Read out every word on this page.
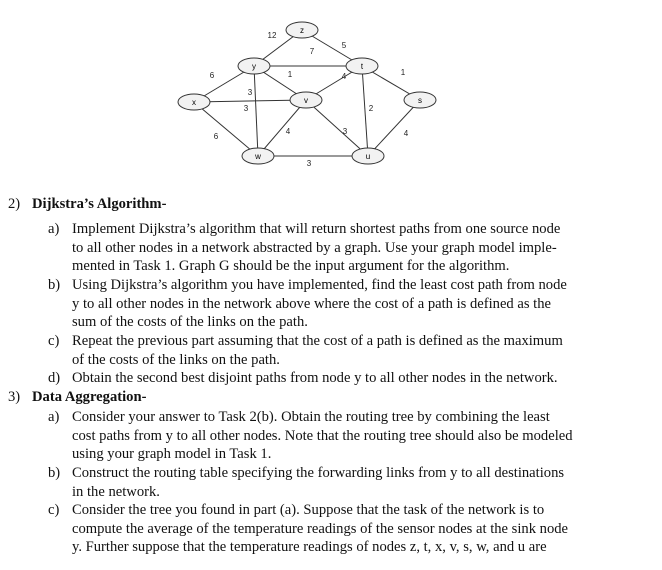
12
5
7
6	1
3
4	1
2
3
6
4	3
3
4
z
y	t
x	v	s
w	u
2) Dijkstra’s Algorithm-
a) Implement Dijkstra’s algorithm that will return shortest paths from one source node
to all other nodes in a network abstracted by a graph. Use your graph model imple-
mented in Task 1. Graph G should be the input argument for the algorithm.
b) Using Dijkstra’s algorithm you have implemented, find the least cost path from node
y to all other nodes in the network above where the cost of a path is defined as the
sum of the costs of the links on the path.
c) Repeat the previous part assuming that the cost of a path is defined as the maximum
of the costs of the links on the path.
d) Obtain the second best disjoint paths from node y to all other nodes in the network.
3) Data Aggregation-
a) Consider your answer to Task 2(b). Obtain the routing tree by combining the least
cost paths from y to all other nodes. Note that the routing tree should also be modeled
using your graph model in Task 1.
b) Construct the routing table specifying the forwarding links from y to all destinations
in the network.
c) Consider the tree you found in part (a). Suppose that the task of the network is to
compute the average of the temperature readings of the sensor nodes at the sink node
y. Further suppose that the temperature readings of nodes z, t, x, v, s, w, and u are
